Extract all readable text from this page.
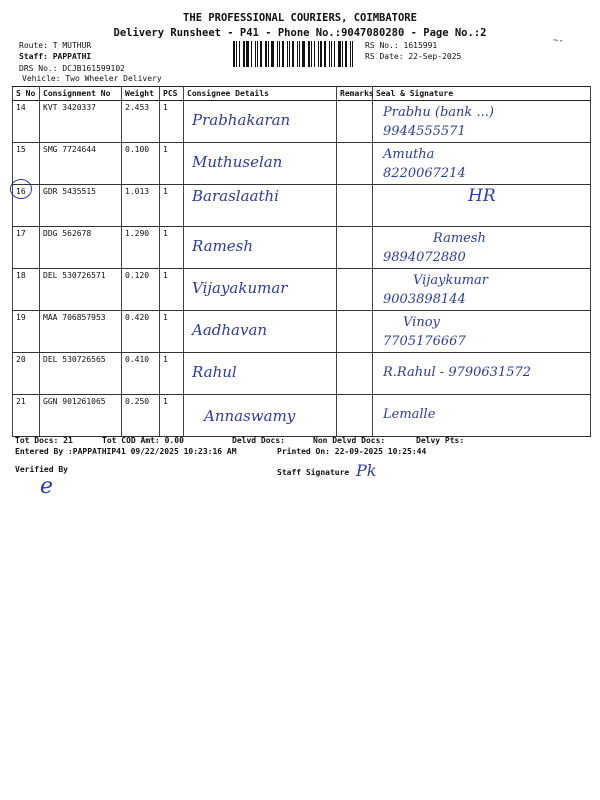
THE PROFESSIONAL COURIERS, COIMBATORE
Delivery Runsheet - P41 - Phone No.:9047080280 - Page No.:2
Route: T MUTHUR
Staff: PAPPATHI
DRS No.: DCJB161599102
Vehicle: Two Wheeler Delivery
RS No.: 1615991
RS Date: 22-Sep-2025
~-
S No	Consignment No	Weight	PCS	Consignee Details	Remarks	Seal & Signature
14	KVT 3420337	2.453	1	Prabhakaran		Prabhu (bank ...)
9944555571

15	SMG 7724644	0.100	1	Muthuselan		Amutha
8220067214

16	GDR 5435515	1.013	1	Baraslaathi		HR

17	DDG 562678	1.290	1	Ramesh		Ramesh
9894072880

18	DEL 530726571	0.120	1	Vijayakumar		Vijaykumar
9003898144

19	MAA 706857953	0.420	1	Aadhavan		Vinoy
7705176667

20	DEL 530726565	0.410	1	Rahul		R.Rahul - 9790631572

21	GGN 901261065	0.250	1	Annaswamy		Lemalle
Tot Docs: 21	Tot COD Amt: 0.00	Delvd Docs:	Non Delvd Docs:	Delvy Pts:
Entered By :PAPPATHIP41 09/22/2025 10:23:16 AM	Printed On: 22-09-2025 10:25:44
Verified By
e
Staff Signature Pk
